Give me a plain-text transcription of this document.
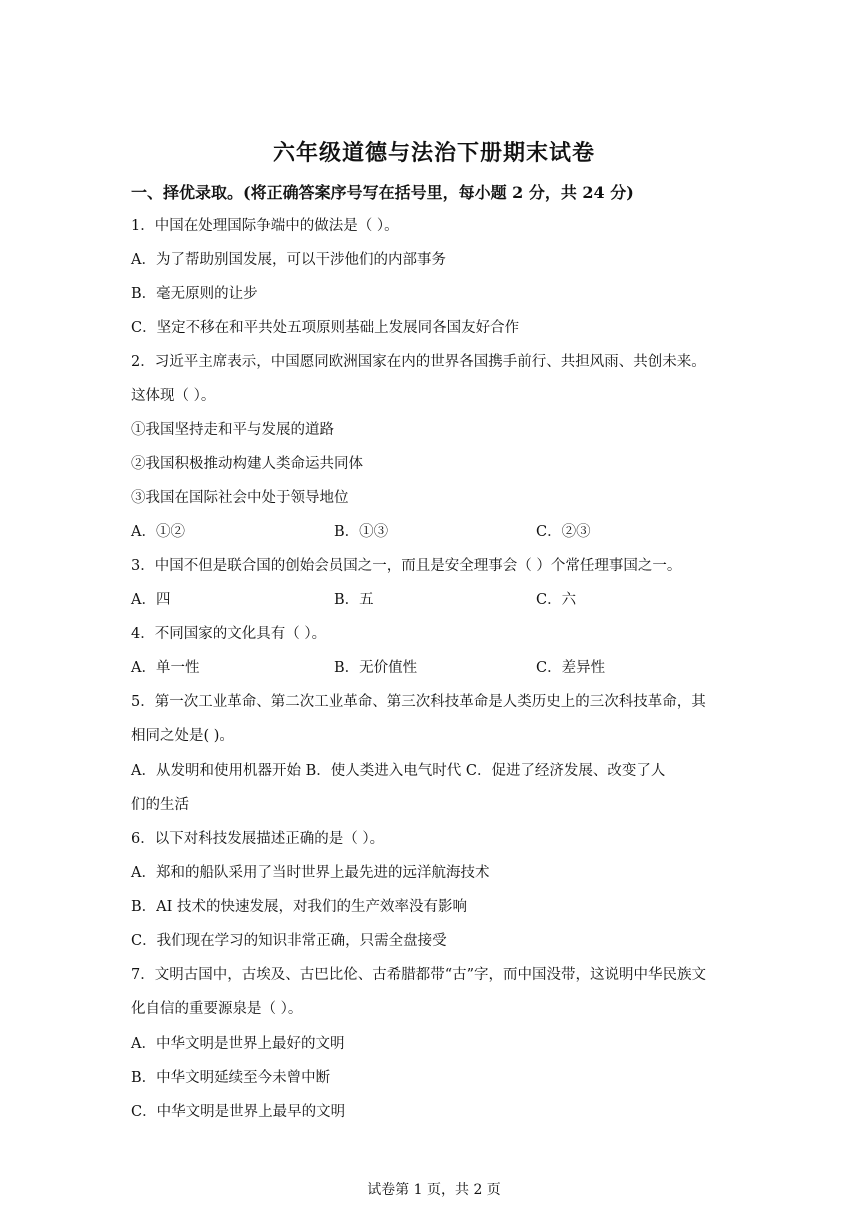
六年级道德与法治下册期末试卷
一、择优录取。(将正确答案序号写在括号里，每小题 2 分，共 24 分)
1．中国在处理国际争端中的做法是（ ）。
A．为了帮助别国发展，可以干涉他们的内部事务
B．毫无原则的让步
C．坚定不移在和平共处五项原则基础上发展同各国友好合作
2．习近平主席表示，中国愿同欧洲国家在内的世界各国携手前行、共担风雨、共创未来。
这体现（ ）。
①我国坚持走和平与发展的道路
②我国积极推动构建人类命运共同体
③我国在国际社会中处于领导地位
A．①②	B．①③	C．②③
3．中国不但是联合国的创始会员国之一，而且是安全理事会（ ）个常任理事国之一。
A．四	B．五	C．六
4．不同国家的文化具有（ ）。
A．单一性	B．无价值性	C．差异性
5．第一次工业革命、第二次工业革命、第三次科技革命是人类历史上的三次科技革命，其
相同之处是( )。
A．从发明和使用机器开始 B．使人类进入电气时代 C．促进了经济发展、改变了人
们的生活
6．以下对科技发展描述正确的是（ ）。
A．郑和的船队采用了当时世界上最先进的远洋航海技术
B．AI 技术的快速发展，对我们的生产效率没有影响
C．我们现在学习的知识非常正确，只需全盘接受
7．文明古国中，古埃及、古巴比伦、古希腊都带“古”字，而中国没带，这说明中华民族文
化自信的重要源泉是（ ）。
A．中华文明是世界上最好的文明
B．中华文明延续至今未曾中断
C．中华文明是世界上最早的文明
试卷第 1 页，共 2 页
